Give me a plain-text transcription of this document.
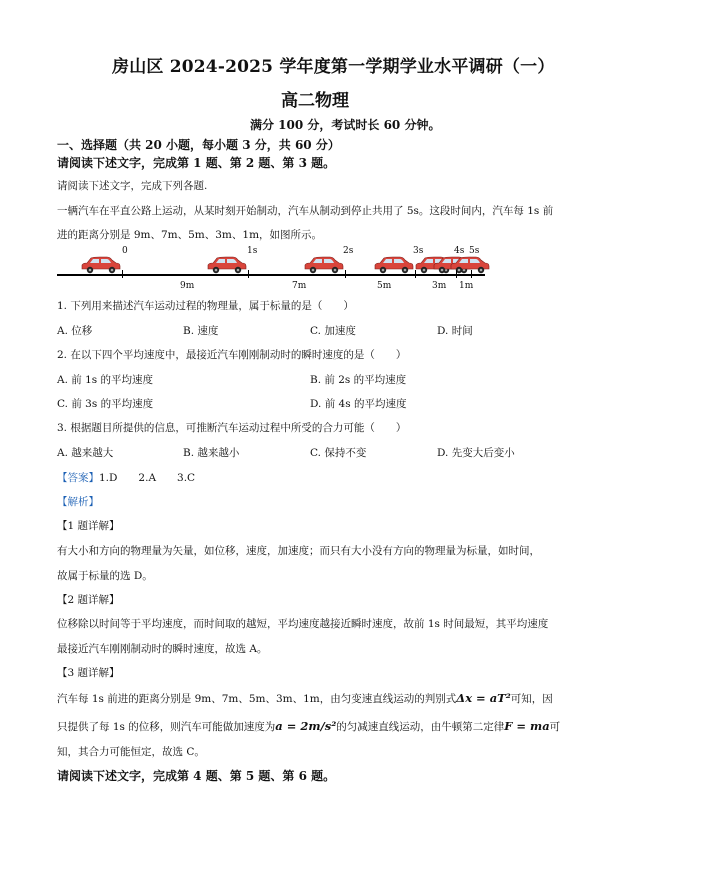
房山区 2024-2025 学年度第一学期学业水平调研（一）
高二物理
满分 100 分，考试时长 60 分钟。
一、选择题（共 20 小题，每小题 3 分，共 60 分）
请阅读下述文字，完成第 1 题、第 2 题、第 3 题。
请阅读下述文字，完成下列各题.
一辆汽车在平直公路上运动，从某时刻开始制动，汽车从制动到停止共用了 5s。这段时间内，汽车每 1s 前
进的距离分别是 9m、7m、5m、3m、1m，如图所示。
0	1s	2s	3s	4s 5s
9m	7m	5m	3m 1m
1. 下列用来描述汽车运动过程的物理量，属于标量的是（　　）
A. 位移	B. 速度	C. 加速度	D. 时间
2. 在以下四个平均速度中，最接近汽车刚刚制动时的瞬时速度的是（　　）
A. 前 1s 的平均速度	B. 前 2s 的平均速度
C. 前 3s 的平均速度	D. 前 4s 的平均速度
3. 根据题目所提供的信息，可推断汽车运动过程中所受的合力可能（　　）
A. 越来越大	B. 越来越小	C. 保持不变	D. 先变大后变小
【答案】1.D　　2.A　　3.C
【解析】
【1 题详解】
有大小和方向的物理量为矢量，如位移，速度，加速度；而只有大小没有方向的物理量为标量，如时间，
故属于标量的选 D。
【2 题详解】
位移除以时间等于平均速度，而时间取的越短，平均速度越接近瞬时速度，故前 1s 时间最短，其平均速度
最接近汽车刚刚制动时的瞬时速度，故选 A。
【3 题详解】
汽车每 1s 前进的距离分别是 9m、7m、5m、3m、1m，由匀变速直线运动的判别式Δx = aT²可知，因
只提供了每 1s 的位移，则汽车可能做加速度为a = 2m/s²的匀减速直线运动，由牛顿第二定律F = ma可
知，其合力可能恒定，故选 C。
请阅读下述文字，完成第 4 题、第 5 题、第 6 题。
